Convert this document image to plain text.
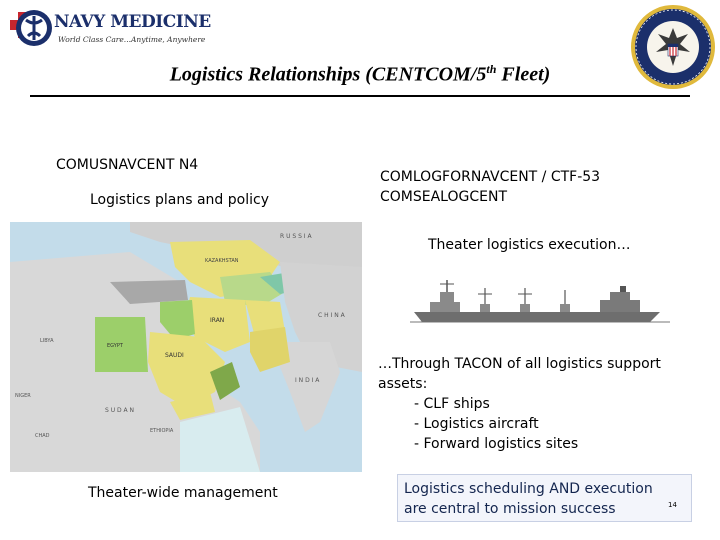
NAVY MEDICINE
World Class Care...Anytime, Anywhere
Logistics Relationships (CENTCOM/5th Fleet)
COMUSNAVCENT N4
Logistics plans and policy
COMLOGFORNAVCENT / CTF-53
COMSEALOGCENT
Theater logistics execution…
R U S S I A
KAZAKHSTAN
C H I N A
I N D I A
IRAN
SAUDI
EGYPT
S U D A N
CHAD
NIGER
LIBYA
ETHIOPIA
…Through TACON of all logistics support
assets:
- CLF ships
- Logistics aircraft
- Forward logistics sites
Theater-wide management	Logistics scheduling AND execution
are central to mission success	14
